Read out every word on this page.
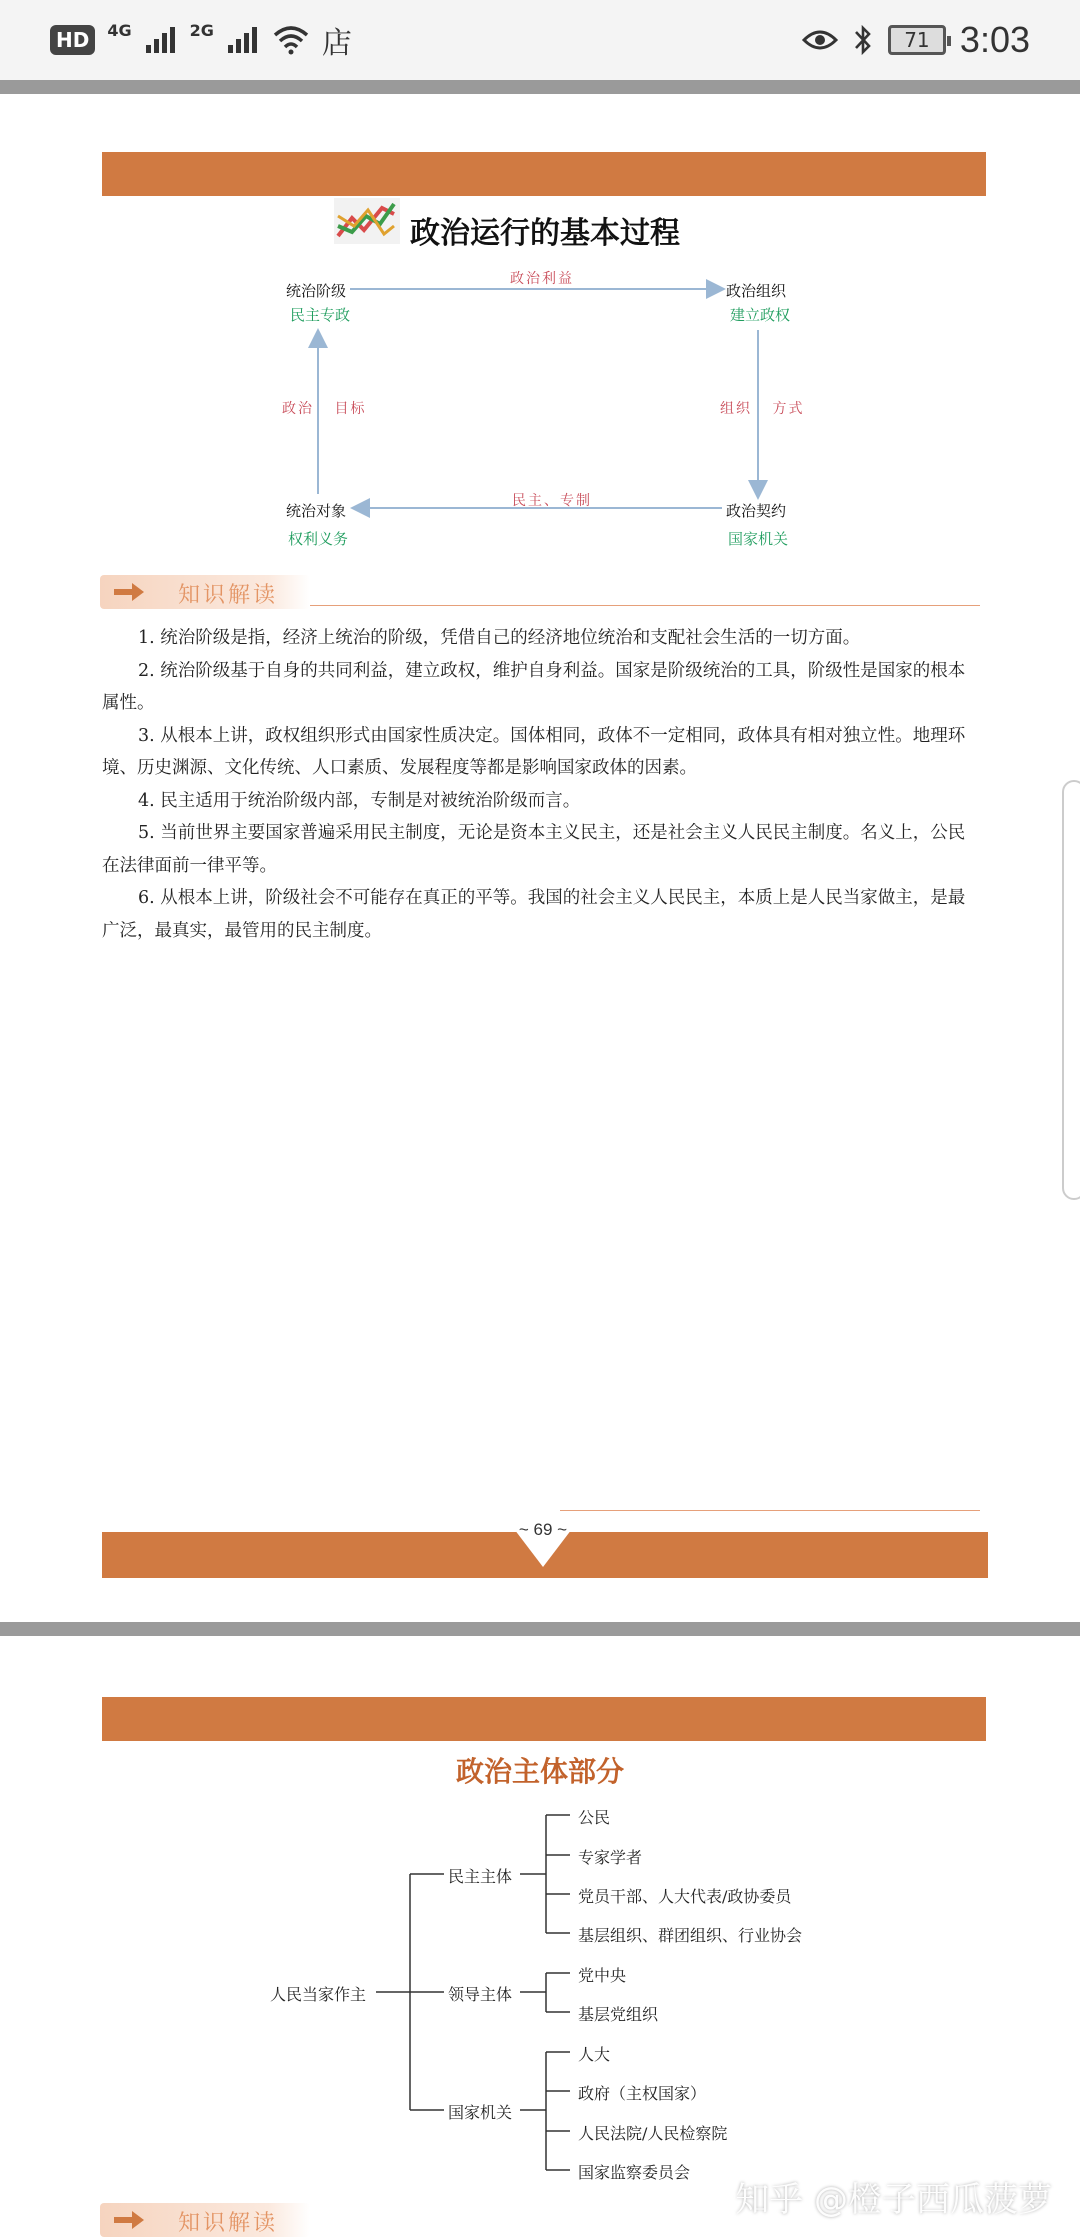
HD	4G	2G	店	71 3:03
政治运行的基本过程
统治阶级
民主专政
政治组织
建立政权
统治对象
权利义务
政治契约
国家机关
政治利益
民主、专制
政治 目标	组织 方式
知识解读

1. 统治阶级是指，经济上统治的阶级，凭借自己的经济地位统治和支配社会生活的一切方面。

2. 统治阶级基于自身的共同利益，建立政权，维护自身利益。国家是阶级统治的工具，阶级性是国家的根本属性。

3. 从根本上讲，政权组织形式由国家性质决定。国体相同，政体不一定相同，政体具有相对独立性。地理环境、历史渊源、文化传统、人口素质、发展程度等都是影响国家政体的因素。

4. 民主适用于统治阶级内部，专制是对被统治阶级而言。

5. 当前世界主要国家普遍采用民主制度，无论是资本主义民主，还是社会主义人民民主制度。名义上，公民在法律面前一律平等。

6. 从根本上讲，阶级社会不可能存在真正的平等。我国的社会主义人民民主，本质上是人民当家做主，是最广泛，最真实，最管用的民主制度。

~ 69 ~
政治主体部分
人民当家作主
民主主体
领导主体
国家机关
公民
专家学者
党员干部、人大代表/政协委员
基层组织、群团组织、行业协会
党中央
基层党组织
人大
政府（主权国家）
人民法院/人民检察院
国家监察委员会
知识解读
知乎 @橙子西瓜菠萝
